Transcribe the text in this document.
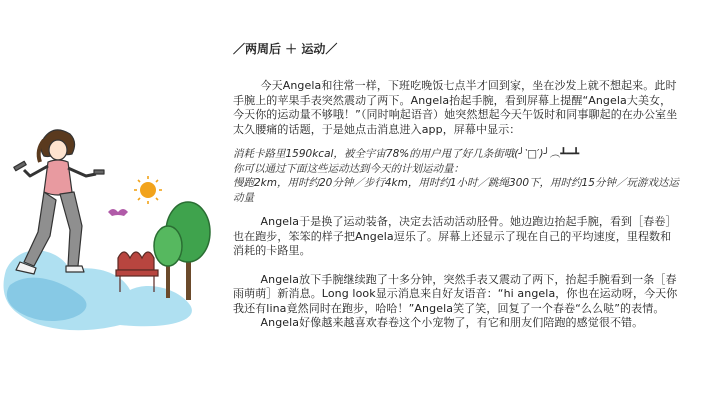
／两周后 ＋ 运动／

今天Angela和往常一样，下班吃晚饭七点半才回到家，坐在沙发上就不想起来。此时手腕上的苹果手表突然震动了两下。Angela抬起手腕，看到屏幕上提醒“Angela大美女，今天你的运动量不够哦！”（同时响起语音）她突然想起今天午饭时和同事聊起的在办公室坐太久腰痛的话题，于是她点击消息进入app，屏幕中显示：

消耗卡路里1590kcal，被全宇宙78%的用户甩了好几条街哦(╯‵□′)╯︵┻━┻

你可以通过下面这些运动达到今天的计划运动量：

慢跑2km，用时约20分钟／步行4km，用时约1小时／跳绳300下，用时约15分钟／玩游戏达运动量

Angela于是换了运动装备，决定去活动活动胫骨。她边跑边抬起手腕，看到［春卷］也在跑步，笨笨的样子把Angela逗乐了。屏幕上还显示了现在自己的平均速度，里程数和消耗的卡路里。

Angela放下手腕继续跑了十多分钟，突然手表又震动了两下，抬起手腕看到一条［春雨萌萌］新消息。Long look显示消息来自好友语音：“hi angela，你也在运动呀，今天你我还有lina竟然同时在跑步，哈哈！”Angela笑了笑，回复了一个春卷“么么哒”的表情。

Angela好像越来越喜欢春卷这个小宠物了，有它和朋友们陪跑的感觉很不错。
